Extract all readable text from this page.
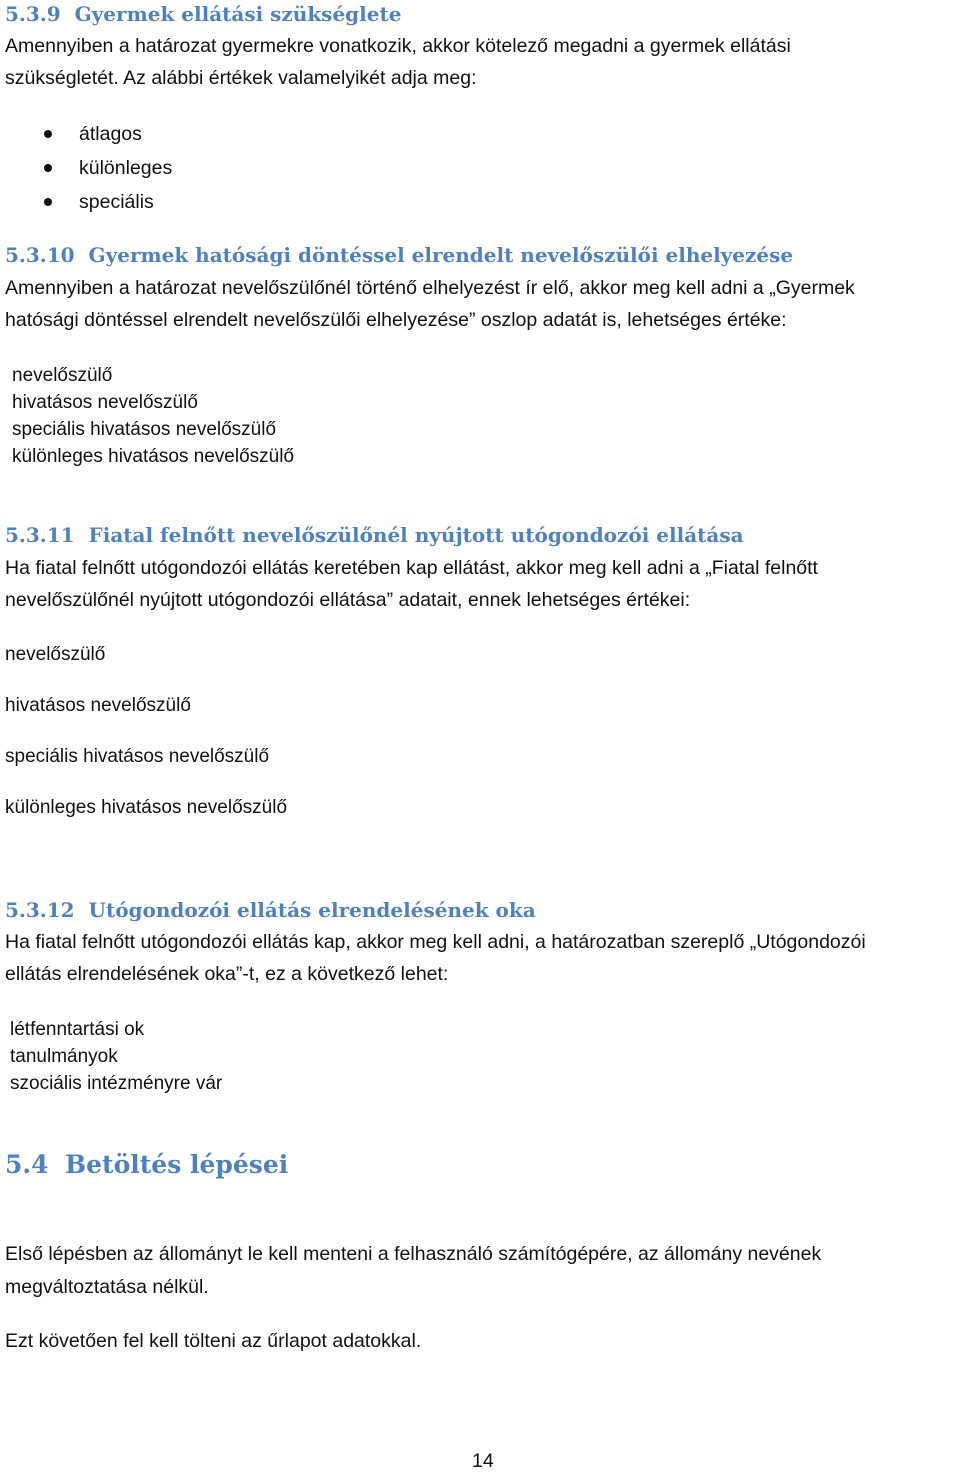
5.3.9  Gyermek ellátási szükséglete
Amennyiben a határozat gyermekre vonatkozik, akkor kötelező megadni a gyermek ellátási
szükségletét. Az alábbi értékek valamelyikét adja meg:
átlagos
különleges
speciális
5.3.10  Gyermek hatósági döntéssel elrendelt nevelőszülői elhelyezése
Amennyiben a határozat nevelőszülőnél történő elhelyezést ír elő, akkor meg kell adni a „Gyermek
hatósági döntéssel elrendelt nevelőszülői elhelyezése” oszlop adatát is, lehetséges értéke:
nevelőszülő
hivatásos nevelőszülő
speciális hivatásos nevelőszülő
különleges hivatásos nevelőszülő
5.3.11  Fiatal felnőtt nevelőszülőnél nyújtott utógondozói ellátása
Ha fiatal felnőtt utógondozói ellátás keretében kap ellátást, akkor meg kell adni a „Fiatal felnőtt
nevelőszülőnél nyújtott utógondozói ellátása” adatait, ennek lehetséges értékei:
nevelőszülő
hivatásos nevelőszülő
speciális hivatásos nevelőszülő
különleges hivatásos nevelőszülő
5.3.12  Utógondozói ellátás elrendelésének oka
Ha fiatal felnőtt utógondozói ellátás kap, akkor meg kell adni, a határozatban szereplő „Utógondozói
ellátás elrendelésének oka”-t, ez a következő lehet:
létfenntartási ok
tanulmányok
szociális intézményre vár
5.4 Betöltés lépései
Első lépésben az állományt le kell menteni a felhasználó számítógépére, az állomány nevének
megváltoztatása nélkül.
Ezt követően fel kell tölteni az űrlapot adatokkal.
14
